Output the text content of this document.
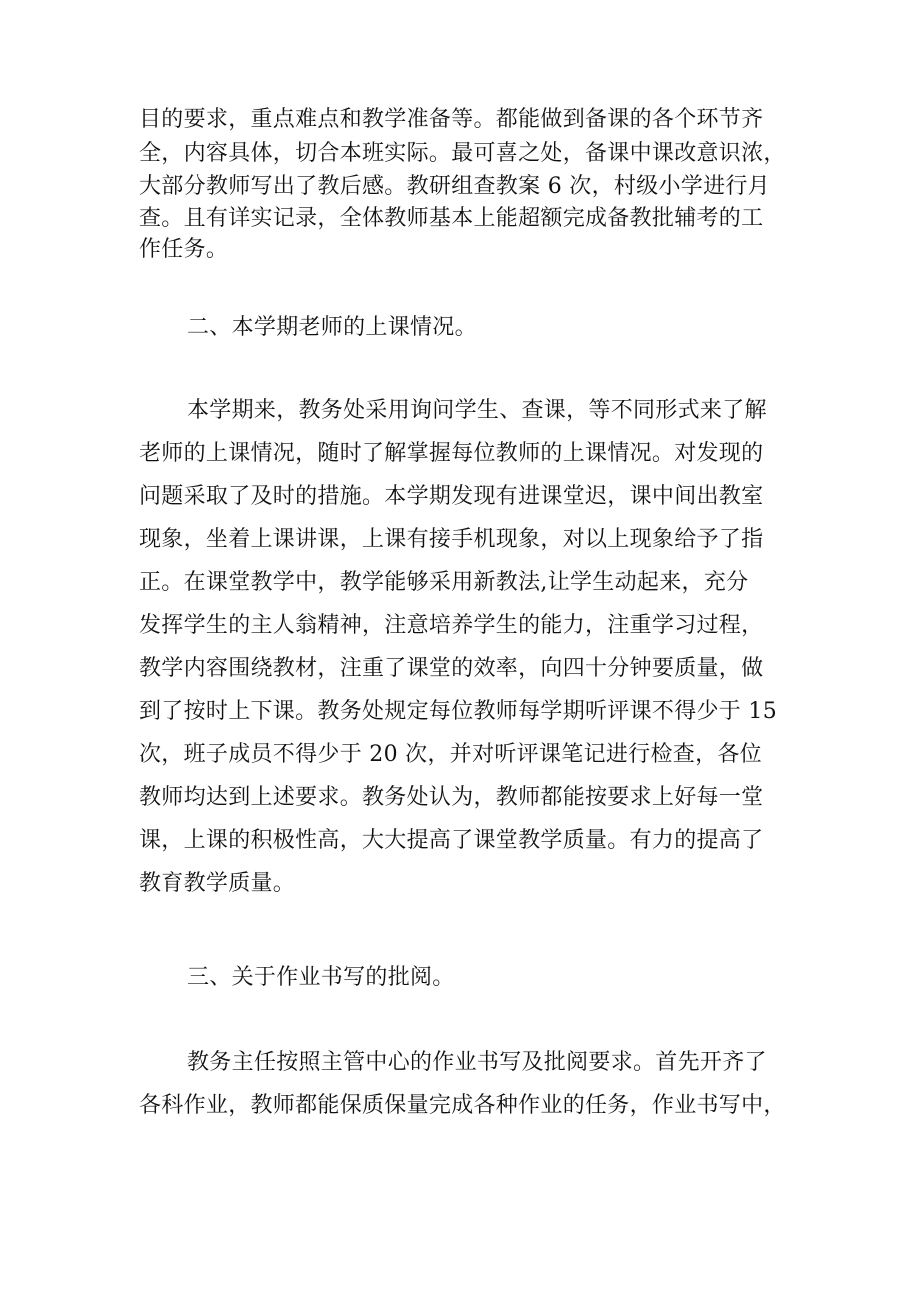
目的要求，重点难点和教学准备等。都能做到备课的各个环节齐
全，内容具体，切合本班实际。最可喜之处，备课中课改意识浓，
大部分教师写出了教后感。教研组查教案 6 次，村级小学进行月
查。且有详实记录，全体教师基本上能超额完成备教批辅考的工
作任务。
二、本学期老师的上课情况。
本学期来，教务处采用询问学生、查课，等不同形式来了解
老师的上课情况，随时了解掌握每位教师的上课情况。对发现的
问题采取了及时的措施。本学期发现有进课堂迟，课中间出教室
现象，坐着上课讲课，上课有接手机现象，对以上现象给予了指
正。在课堂教学中，教学能够采用新教法,让学生动起来，充分
发挥学生的主人翁精神，注意培养学生的能力，注重学习过程，
教学内容围绕教材，注重了课堂的效率，向四十分钟要质量，做
到了按时上下课。教务处规定每位教师每学期听评课不得少于 15
次，班子成员不得少于 20 次，并对听评课笔记进行检查，各位
教师均达到上述要求。教务处认为，教师都能按要求上好每一堂
课，上课的积极性高，大大提高了课堂教学质量。有力的提高了
教育教学质量。
三、关于作业书写的批阅。
教务主任按照主管中心的作业书写及批阅要求。首先开齐了
各科作业，教师都能保质保量完成各种作业的任务，作业书写中，
